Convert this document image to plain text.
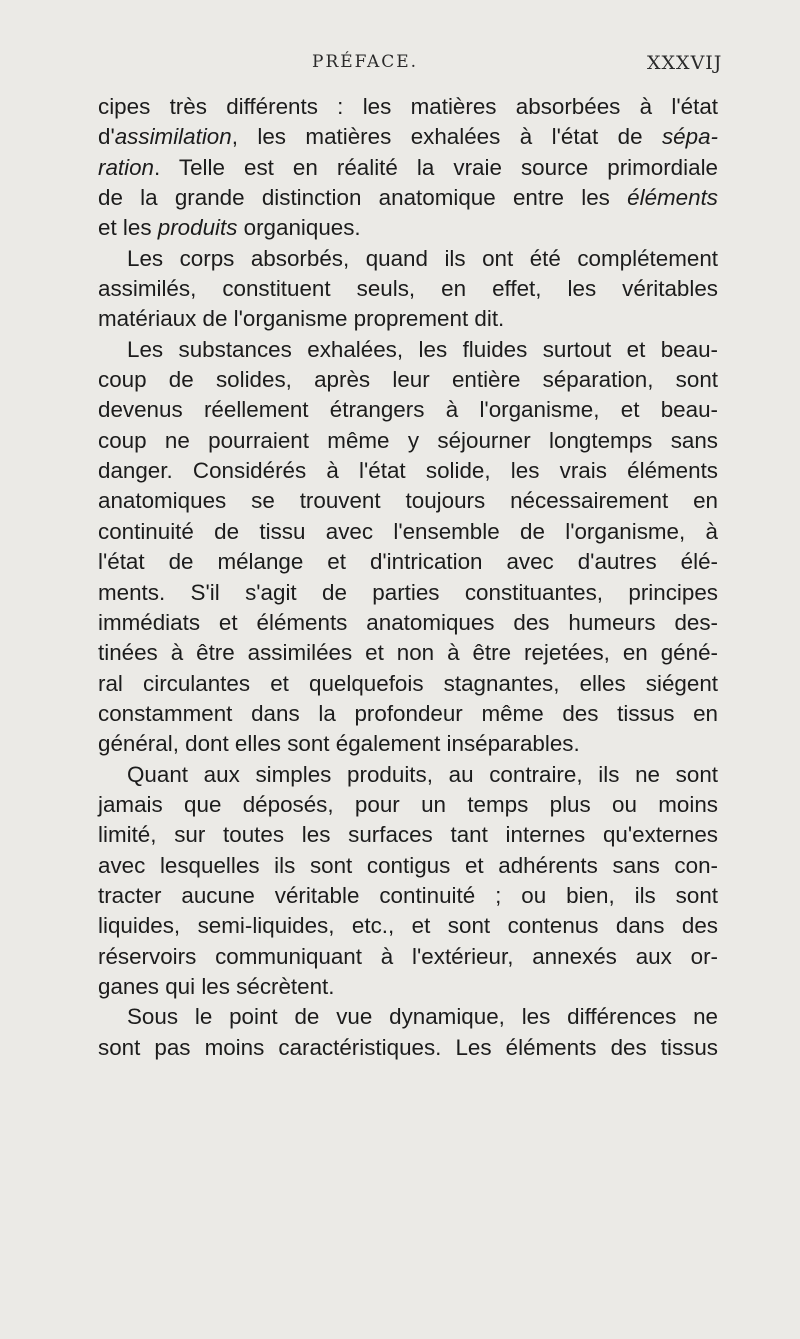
PRÉFACE.	XXXVIJ
cipes très différents : les matières absorbées à l'état
d'assimilation, les matières exhalées à l'état de sépa-
ration. Telle est en réalité la vraie source primordiale
de la grande distinction anatomique entre les éléments
et les produits organiques.
Les corps absorbés, quand ils ont été complétement
assimilés, constituent seuls, en effet, les véritables
matériaux de l'organisme proprement dit.
Les substances exhalées, les fluides surtout et beau-
coup de solides, après leur entière séparation, sont
devenus réellement étrangers à l'organisme, et beau-
coup ne pourraient même y séjourner longtemps sans
danger. Considérés à l'état solide, les vrais éléments
anatomiques se trouvent toujours nécessairement en
continuité de tissu avec l'ensemble de l'organisme, à
l'état de mélange et d'intrication avec d'autres élé-
ments. S'il s'agit de parties constituantes, principes
immédiats et éléments anatomiques des humeurs des-
tinées à être assimilées et non à être rejetées, en géné-
ral circulantes et quelquefois stagnantes, elles siégent
constamment dans la profondeur même des tissus en
général, dont elles sont également inséparables.
Quant aux simples produits, au contraire, ils ne sont
jamais que déposés, pour un temps plus ou moins
limité, sur toutes les surfaces tant internes qu'externes
avec lesquelles ils sont contigus et adhérents sans con-
tracter aucune véritable continuité ; ou bien, ils sont
liquides, semi-liquides, etc., et sont contenus dans des
réservoirs communiquant à l'extérieur, annexés aux or-
ganes qui les sécrètent.
Sous le point de vue dynamique, les différences ne
sont pas moins caractéristiques. Les éléments des tissus
